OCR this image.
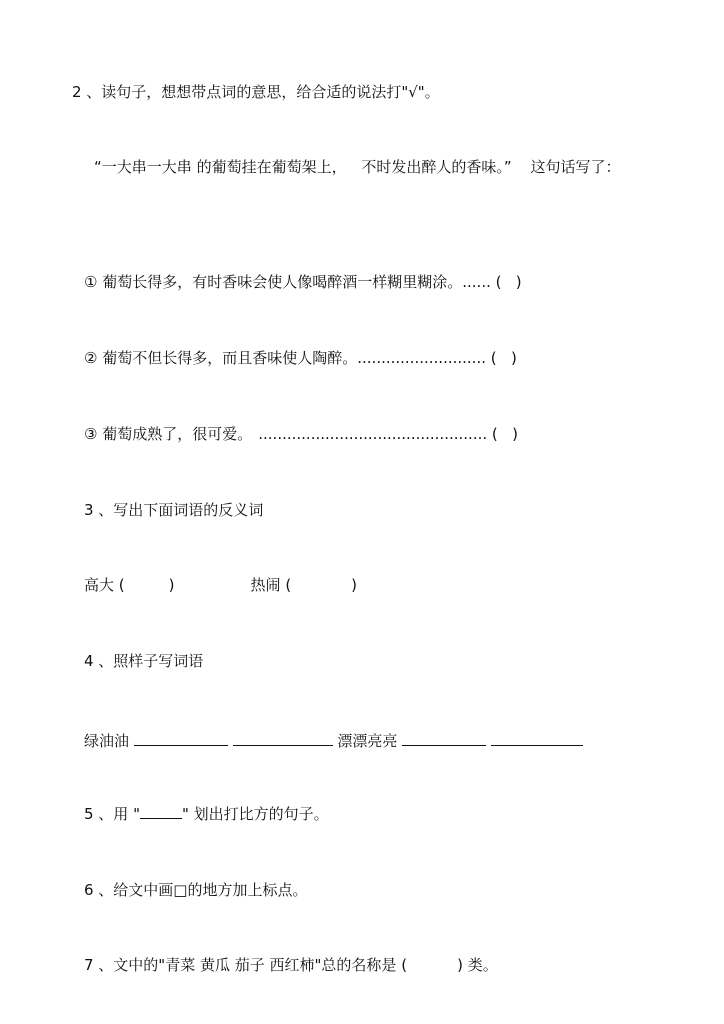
2 、读句子，想想带点词的意思，给合适的说法打"√"。
“一大串一大串 的葡萄挂在葡萄架上， 不时发出醉人的香味。” 这句话写了：
① 葡萄长得多，有时香味会使人像喝醉酒一样糊里糊涂。...... (   )
② 葡萄不但长得多，而且香味使人陶醉。........................... (   )
③ 葡萄成熟了，很可爱。 ................................................ (   )
3 、写出下面词语的反义词
高大 (	)	热闹 (	)
4 、照样子写词语
绿油油	漂漂亮亮
5 、用 "	" 划出打比方的句子。
6 、给文中画□的地方加上标点。
7 、文中的"青菜 黄瓜 茄子 西红柿"总的名称是 (	) 类。
